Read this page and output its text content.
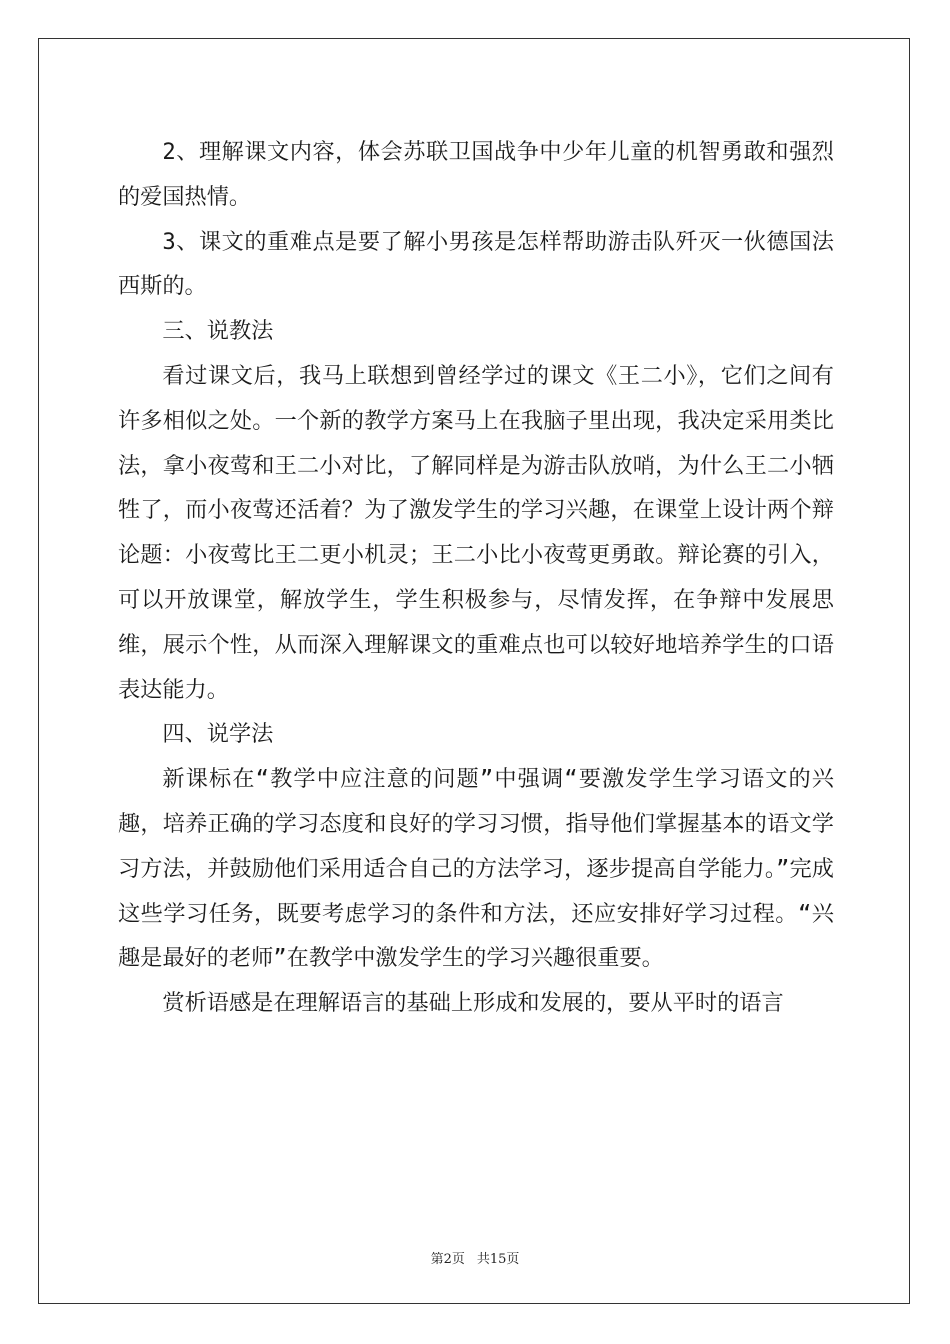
2、理解课文内容，体会苏联卫国战争中少年儿童的机智勇敢和强烈的爱国热情。

3、课文的重难点是要了解小男孩是怎样帮助游击队歼灭一伙德国法西斯的。

三、说教法

看过课文后，我马上联想到曾经学过的课文《王二小》，它们之间有许多相似之处。一个新的教学方案马上在我脑子里出现，我决定采用类比法，拿小夜莺和王二小对比，了解同样是为游击队放哨，为什么王二小牺牲了，而小夜莺还活着？为了激发学生的学习兴趣，在课堂上设计两个辩论题：小夜莺比王二更小机灵；王二小比小夜莺更勇敢。辩论赛的引入，可以开放课堂，解放学生，学生积极参与，尽情发挥，在争辩中发展思维，展示个性，从而深入理解课文的重难点也可以较好地培养学生的口语表达能力。

四、说学法

新课标在“教学中应注意的问题”中强调“要激发学生学习语文的兴趣，培养正确的学习态度和良好的学习习惯，指导他们掌握基本的语文学习方法，并鼓励他们采用适合自己的方法学习，逐步提高自学能力。”完成这些学习任务，既要考虑学习的条件和方法，还应安排好学习过程。“兴趣是最好的老师”在教学中激发学生的学习兴趣很重要。

赏析语感是在理解语言的基础上形成和发展的，要从平时的语言

第2页 共15页
